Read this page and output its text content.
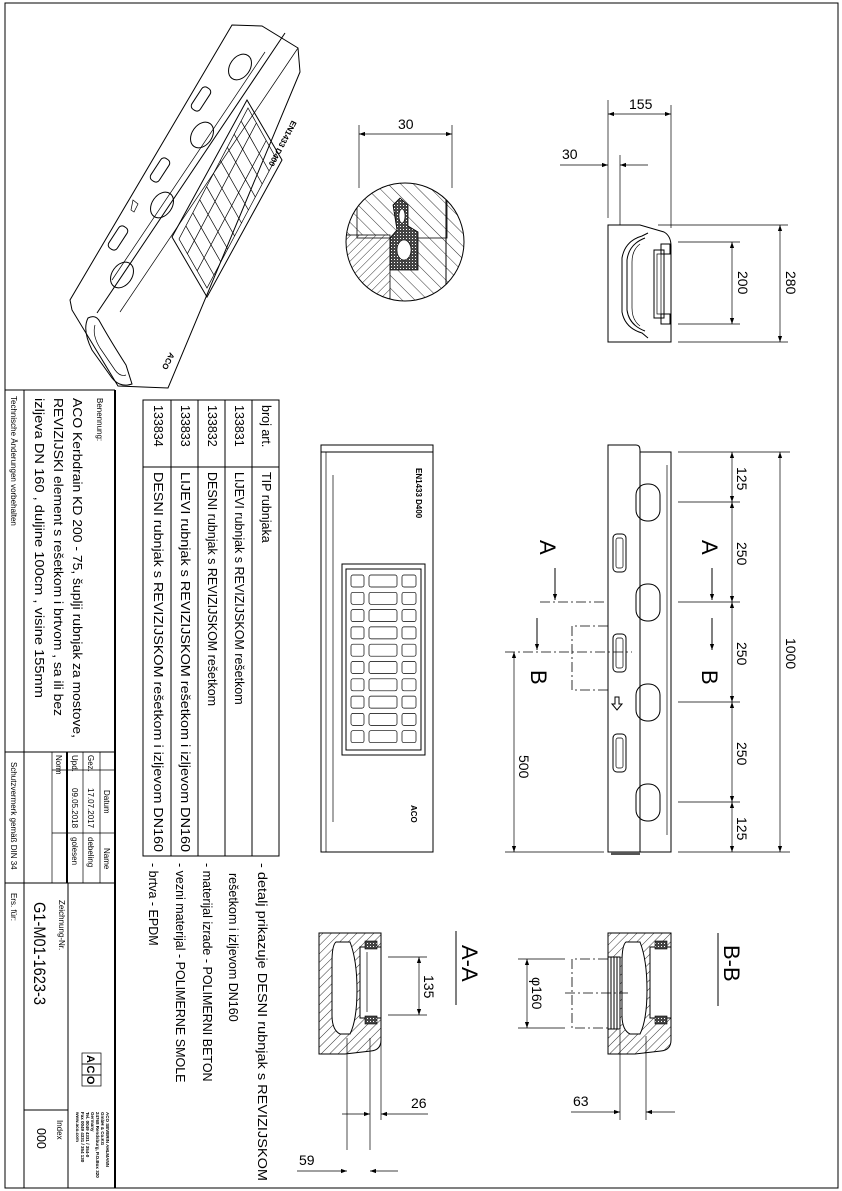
EN1433 D400
ACO
30
155
30
200 280
broj art.
TIP rubnjaka
133831
LIJEVI rubnjak s REVIZIJSKOM rešetkom
133832
DESNI rubnjak s REVIZIJSKOM rešetkom
133833
LIJEVI rubnjak s REVIZIJSKOM rešetkom i izljevom DN160
133834
DESNI rubnjak s REVIZIJSKOM rešetkom i izljevom DN160
- detalj prikazuje DESNI rubnjak s REVIZIJSKOM
rešetkom i izljevom DN160
- materijal izrade - POLIMERNI BETON
- vezni materijal - POLIMERNE SMOLE
- brtva - EPDM
EN1433 D400
ACO
125
250
250
250
125
1000
A
A
B
B
500
135
26
59
A-A
φ160
63
B-B
Technische Änderungen vorbehalten
Schutzvermerk gemäß DIN 34
Ers. für:
Benennung:
ACO Kerbdrain KD 200 - 75, šuplji rubnjak za mostove,
REVIZIJSKI element s rešetkom i brtvom , sa ili bez
izljeva DN 160 , duljine 100cm , visine 155mm
Datum
Name
Gez.
17.07.2017
debeling
Upd.
09.05.2018
golesen
Norm
Zeichnung-Nr.
G1-M01-1623-3
Index
000
ACO
ACO SEVERIN AHLMANN
GmbH & Co.KG
24768 Rendsburg, P.O.Box 320
Germany
Tel. 0049 4331 / 354-0
Fax 0049 4331 / 354 130
www.aco.com
